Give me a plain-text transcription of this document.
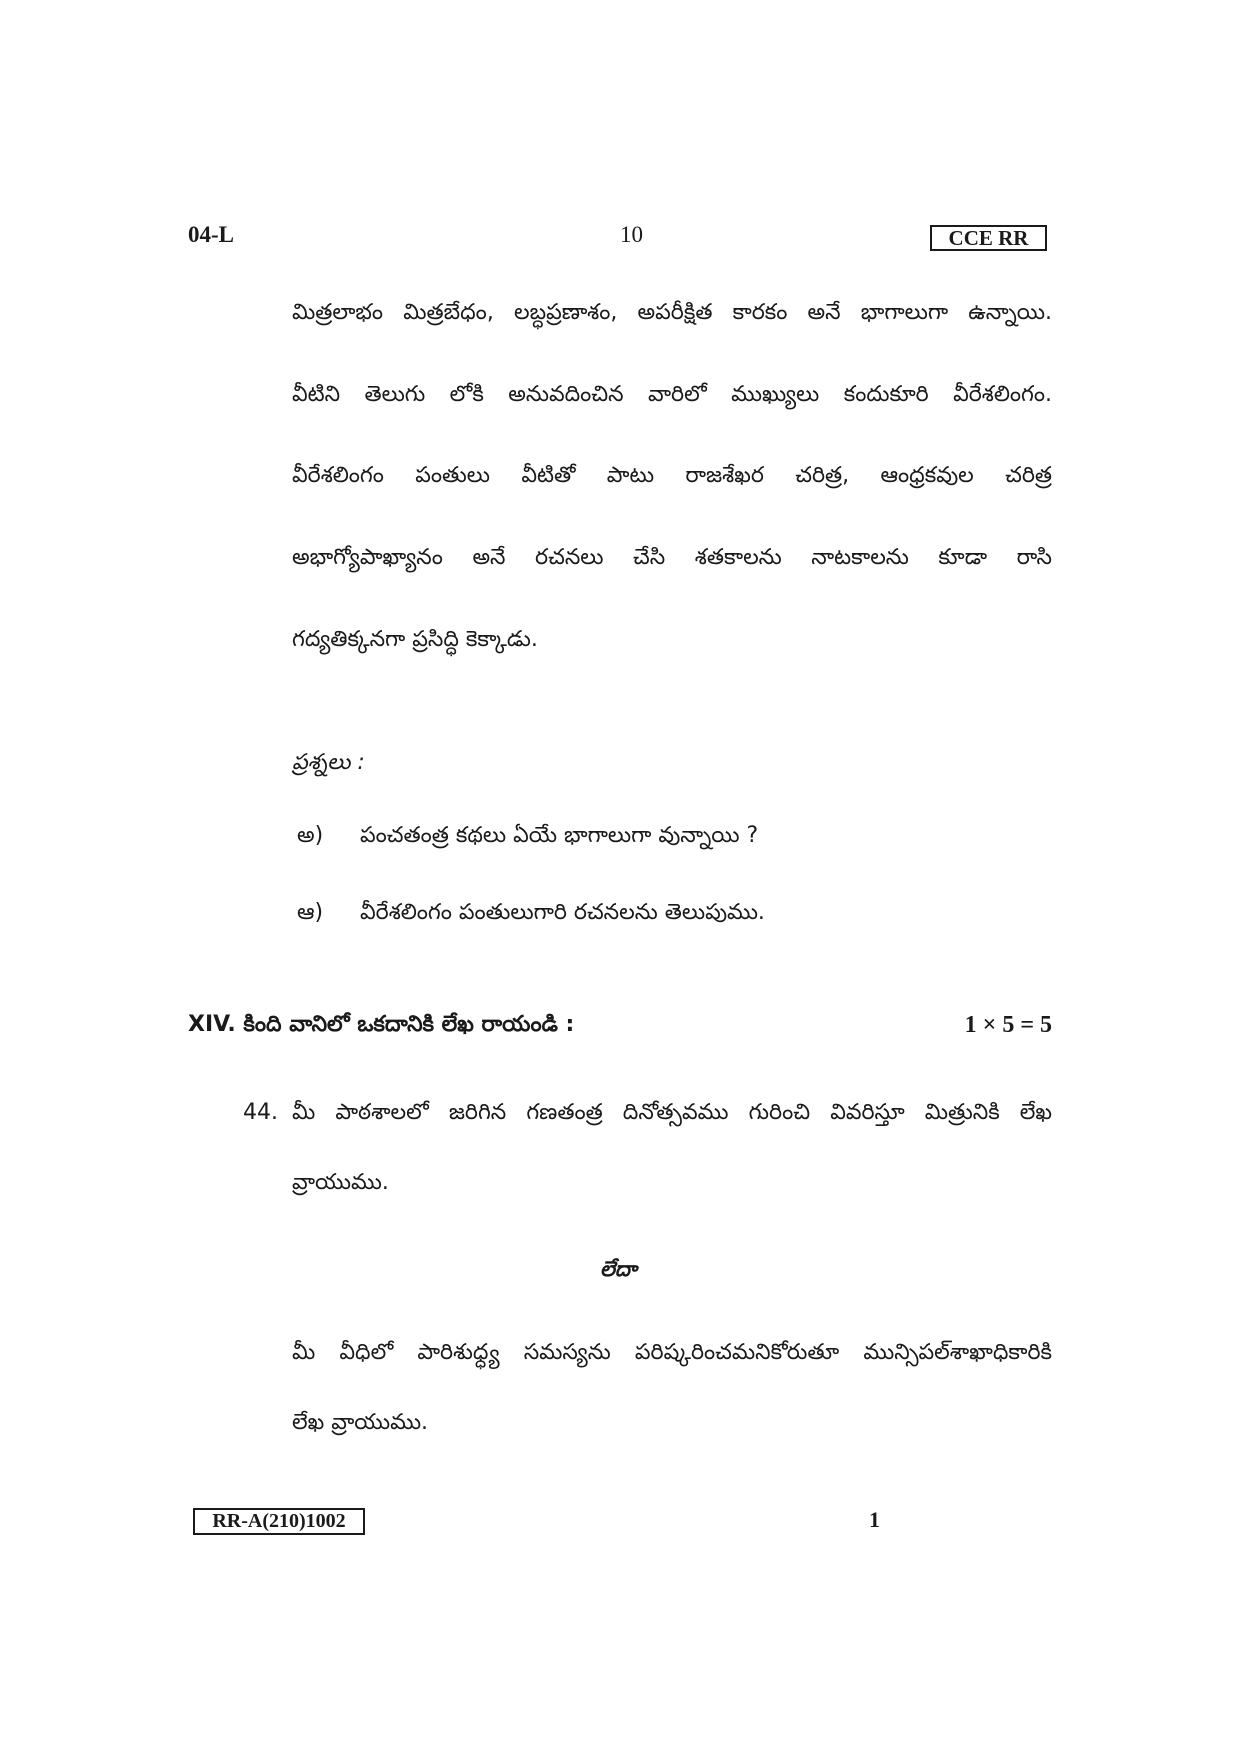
04-L	10	CCE RR
మిత్రలాభం మిత్రబేధం, లబ్ధప్రణాశం, అపరీక్షిత కారకం అనే భాగాలుగా ఉన్నాయి.
వీటిని తెలుగు లోకి అనువదించిన వారిలో ముఖ్యులు కందుకూరి వీరేశలింగం.
వీరేశలింగం పంతులు వీటితో పాటు రాజశేఖర చరిత్ర, ఆంధ్రకవుల చరిత్ర
అభాగ్యోపాఖ్యానం అనే రచనలు చేసి శతకాలను నాటకాలను కూడా రాసి
గద్యతిక్కనగా ప్రసిద్ధి కెక్కాడు.
ప్రశ్నలు :
అ) పంచతంత్ర కథలు ఏయే భాగాలుగా వున్నాయి ?
ఆ) వీరేశలింగం పంతులుగారి రచనలను తెలుపుము.
XIV. కింది వానిలో ఒకదానికి లేఖ రాయండి :	1 × 5 = 5
44. మీ పాఠశాలలో జరిగిన గణతంత్ర దినోత్సవము గురించి వివరిస్తూ మిత్రునికి లేఖ
వ్రాయుము.
లేదా
మీ వీధిలో పారిశుధ్ధ్య సమస్యను పరిష్కరించమనికోరుతూ మున్సిపల్‌శాఖాధికారికి
లేఖ వ్రాయుము.
RR-A(210)1002	1
